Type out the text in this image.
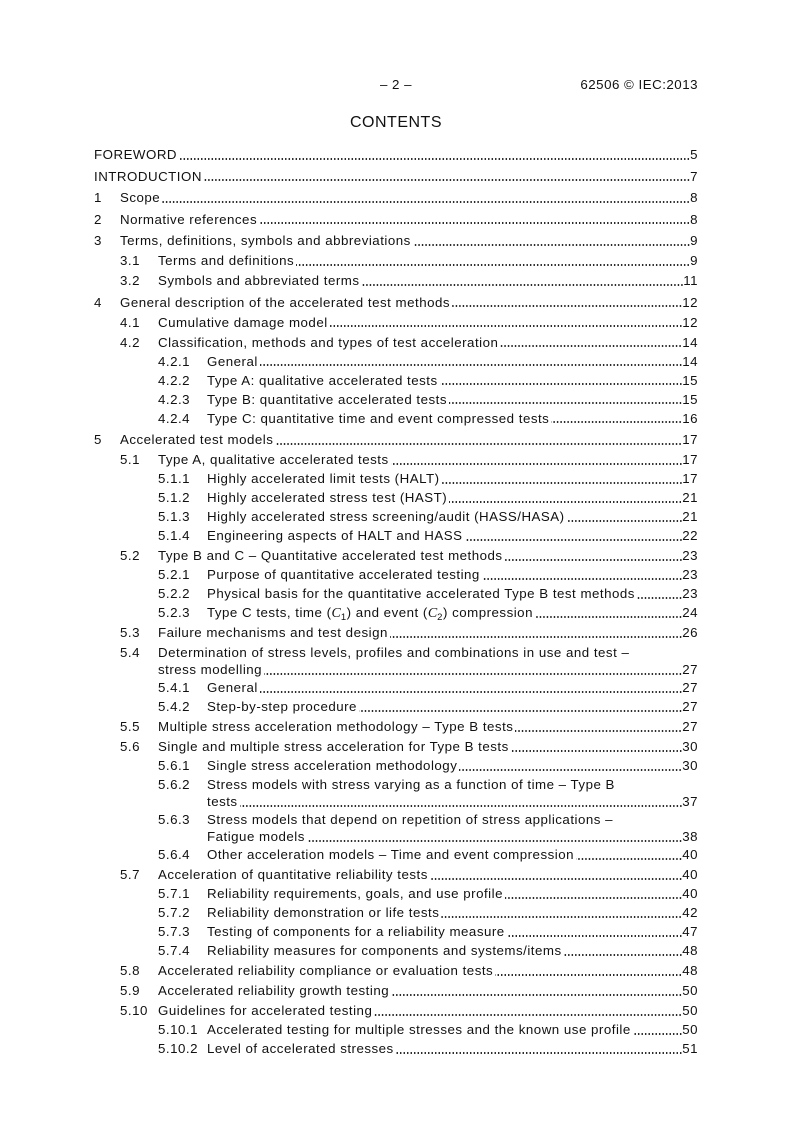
– 2 –	62506 © IEC:2013
CONTENTS
FOREWORD	5
INTRODUCTION	7
1 Scope	8
2 Normative references	8
3 Terms, definitions, symbols and abbreviations	9
3.1 Terms and definitions	9
3.2 Symbols and abbreviated terms	11
4 General description of the accelerated test methods	12
4.1 Cumulative damage model	12
4.2 Classification, methods and types of test acceleration	14
4.2.1 General	14
4.2.2 Type A: qualitative accelerated tests	15
4.2.3 Type B: quantitative accelerated tests	15
4.2.4 Type C: quantitative time and event compressed tests	16
5 Accelerated test models	17
5.1 Type A, qualitative accelerated tests	17
5.1.1 Highly accelerated limit tests (HALT)	17
5.1.2 Highly accelerated stress test (HAST)	21
5.1.3 Highly accelerated stress screening/audit (HASS/HASA)	21
5.1.4 Engineering aspects of HALT and HASS	22
5.2 Type B and C – Quantitative accelerated test methods	23
5.2.1 Purpose of quantitative accelerated testing	23
5.2.2 Physical basis for the quantitative accelerated Type B test methods	23
5.2.3 Type C tests, time $(C_1)$ and event $(C_2)$ compression	24
5.3 Failure mechanisms and test design	26
5.4 Determination of stress levels, profiles and combinations in use and test –
stress modelling	27
5.4.1 General	27
5.4.2 Step-by-step procedure	27
5.5 Multiple stress acceleration methodology – Type B tests	27
5.6 Single and multiple stress acceleration for Type B tests	30
5.6.1 Single stress acceleration methodology	30
5.6.2 Stress models with stress varying as a function of time – Type B
tests	37
5.6.3 Stress models that depend on repetition of stress applications –
Fatigue models	38
5.6.4 Other acceleration models – Time and event compression	40
5.7 Acceleration of quantitative reliability tests	40
5.7.1 Reliability requirements, goals, and use profile	40
5.7.2 Reliability demonstration or life tests	42
5.7.3 Testing of components for a reliability measure	47
5.7.4 Reliability measures for components and systems/items	48
5.8 Accelerated reliability compliance or evaluation tests	48
5.9 Accelerated reliability growth testing	50
5.10 Guidelines for accelerated testing	50
5.10.1 Accelerated testing for multiple stresses and the known use profile	50
5.10.2 Level of accelerated stresses	51
